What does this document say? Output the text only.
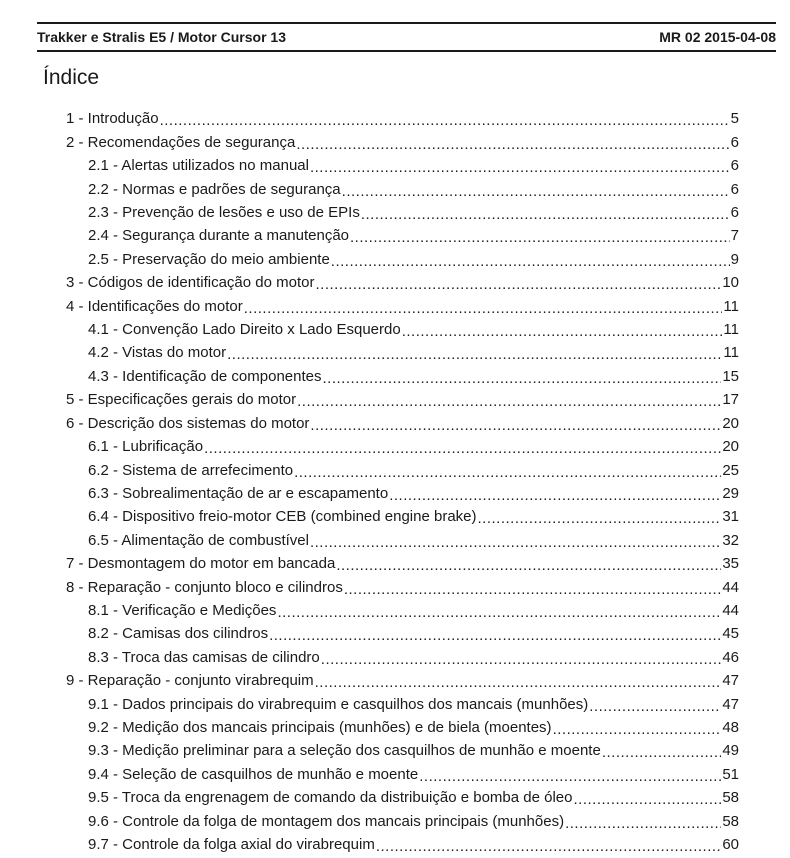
Trakker e Stralis E5 / Motor Cursor 13	MR 02 2015-04-08
Índice
1 - Introdução .....	5
2 - Recomendações de segurança .....	6
2.1 - Alertas utilizados no manual .....	6
2.2 - Normas e padrões de segurança .....	6
2.3 - Prevenção de lesões e uso de EPIs .....	6
2.4 - Segurança durante a manutenção .....	7
2.5 - Preservação do meio ambiente .....	9
3 - Códigos de identificação do motor .....	10
4 - Identificações do motor .....	11
4.1 - Convenção Lado Direito x Lado Esquerdo .....	11
4.2 - Vistas do motor .....	11
4.3 - Identificação de componentes .....	15
5 - Especificações gerais do motor .....	17
6 - Descrição dos sistemas do motor .....	20
6.1 - Lubrificação .....	20
6.2 - Sistema de arrefecimento .....	25
6.3 - Sobrealimentação de ar e escapamento .....	29
6.4 - Dispositivo freio-motor CEB (combined engine brake) .....	31
6.5 - Alimentação de combustível .....	32
7 - Desmontagem do motor em bancada .....	35
8 - Reparação - conjunto bloco e cilindros .....	44
8.1 - Verificação e Medições .....	44
8.2 - Camisas dos cilindros .....	45
8.3 - Troca das camisas de cilindro .....	46
9 - Reparação - conjunto virabrequim .....	47
9.1 - Dados principais do virabrequim e casquilhos dos mancais (munhões) .....	47
9.2 - Medição dos mancais principais (munhões) e de biela (moentes) .....	48
9.3 - Medição preliminar para a seleção dos casquilhos de munhão e moente .....	49
9.4 - Seleção de casquilhos de munhão e moente .....	51
9.5 - Troca da engrenagem de comando da distribuição e bomba de óleo .....	58
9.6 - Controle da folga de montagem dos mancais principais (munhões) .....	58
9.7 - Controle da folga axial do virabrequim .....	60
